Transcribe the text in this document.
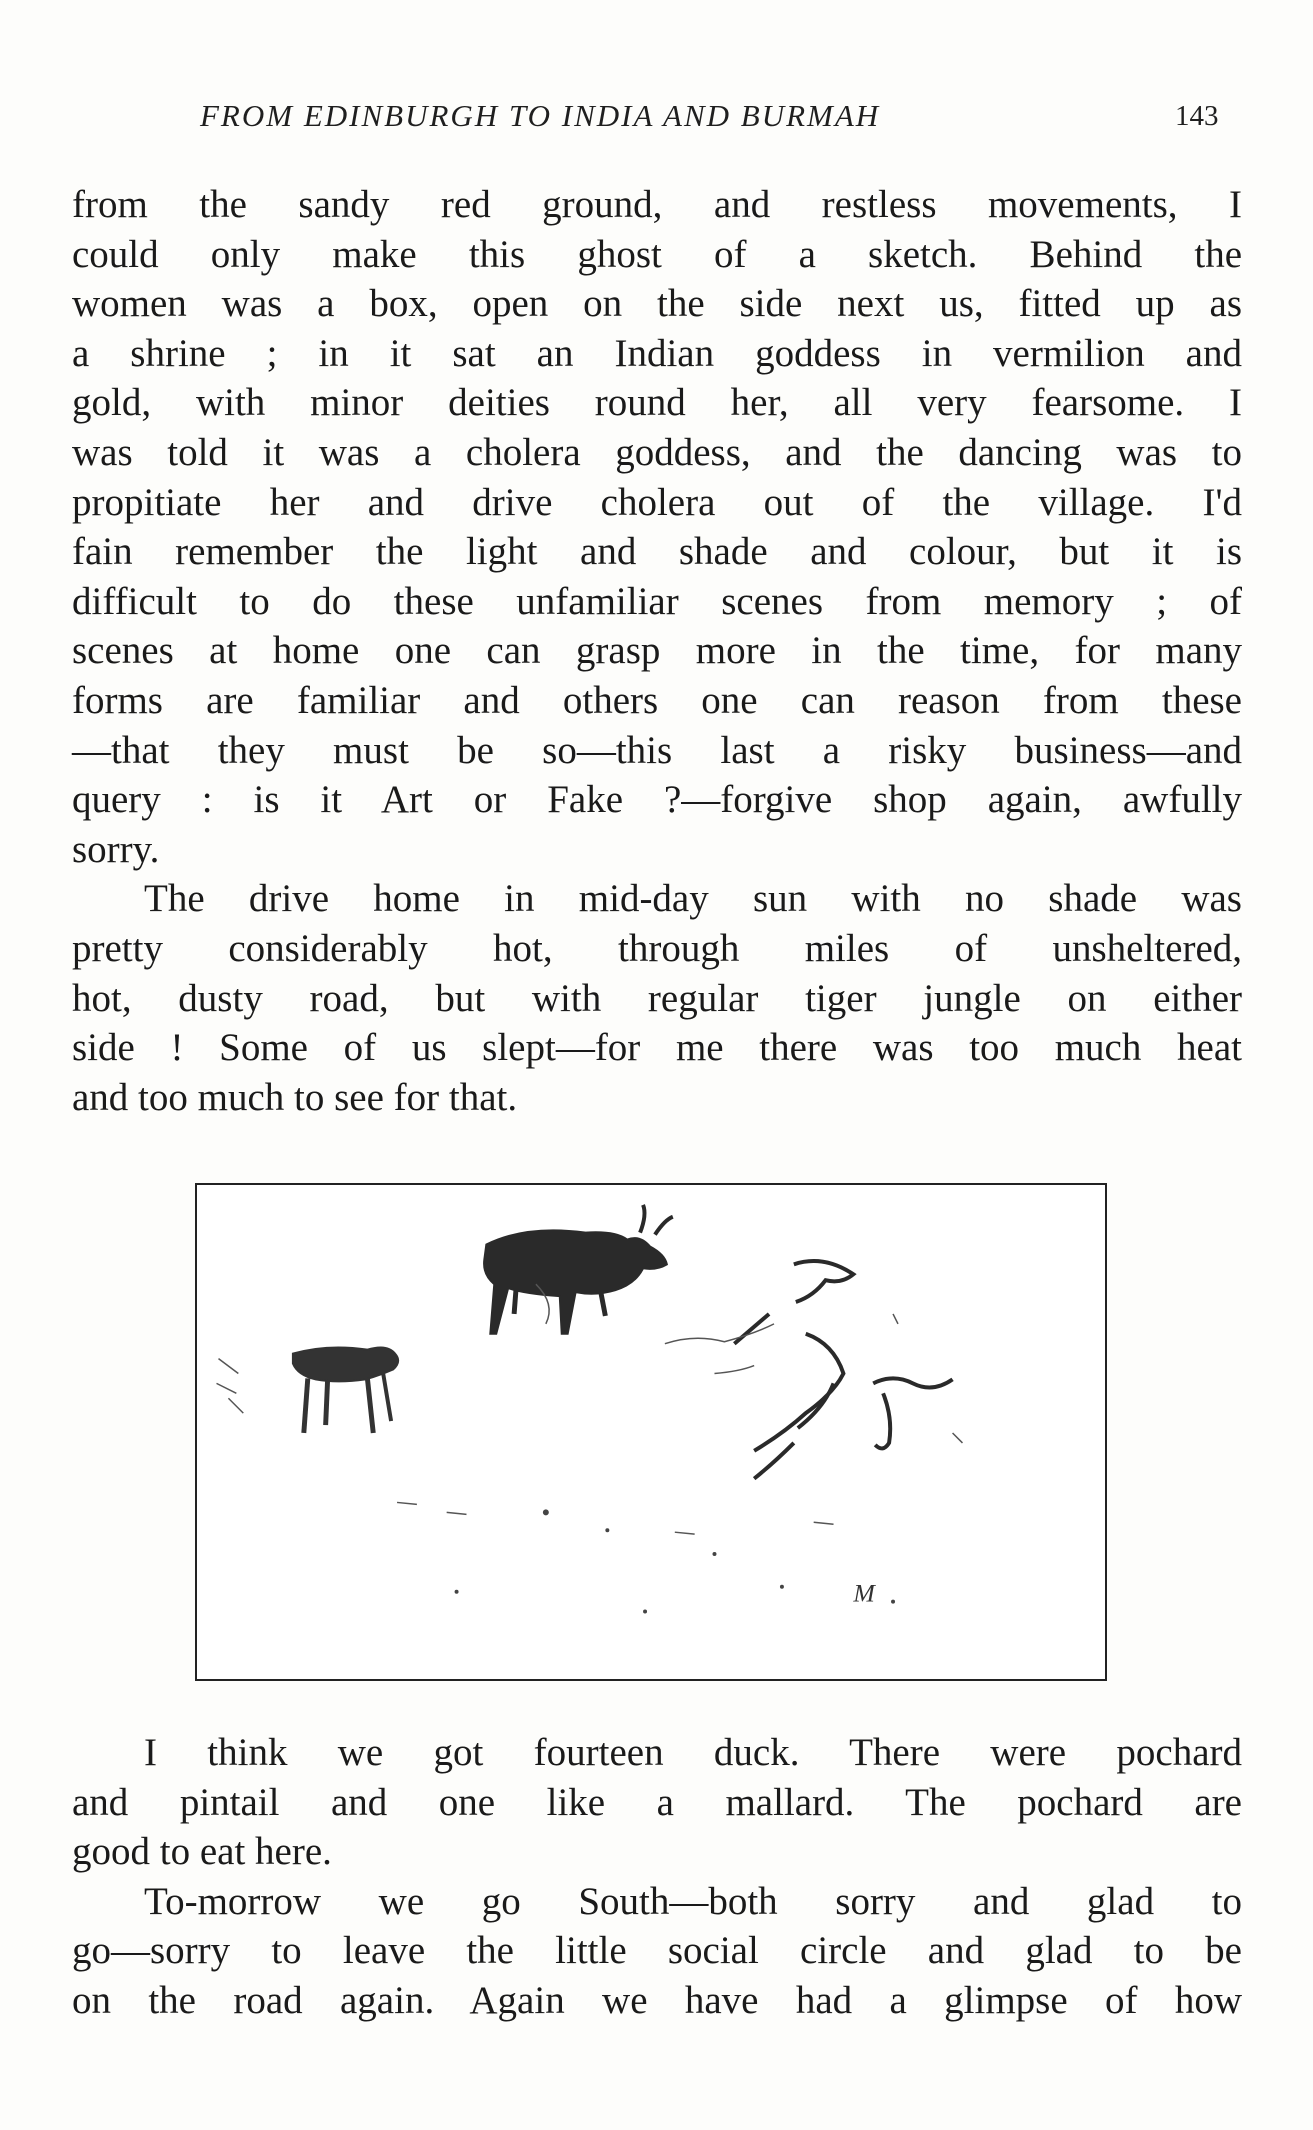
FROM EDINBURGH TO INDIA AND BURMAH	143
from the sandy red ground, and restless movements, I
could only make this ghost of a sketch. Behind the
women was a box, open on the side next us, fitted up as
a shrine ; in it sat an Indian goddess in vermilion and
gold, with minor deities round her, all very fearsome. I
was told it was a cholera goddess, and the dancing was to
propitiate her and drive cholera out of the village. I'd
fain remember the light and shade and colour, but it is
difficult to do these unfamiliar scenes from memory ; of
scenes at home one can grasp more in the time, for many
forms are familiar and others one can reason from these
—that they must be so—this last a risky business—and
query : is it Art or Fake ?—forgive shop again, awfully
sorry.
The drive home in mid-day sun with no shade was
pretty considerably hot, through miles of unsheltered,
hot, dusty road, but with regular tiger jungle on either
side ! Some of us slept—for me there was too much heat
and too much to see for that.
M
I think we got fourteen duck. There were pochard
and pintail and one like a mallard. The pochard are
good to eat here.
To-morrow we go South—both sorry and glad to
go—sorry to leave the little social circle and glad to be
on the road again. Again we have had a glimpse of how
